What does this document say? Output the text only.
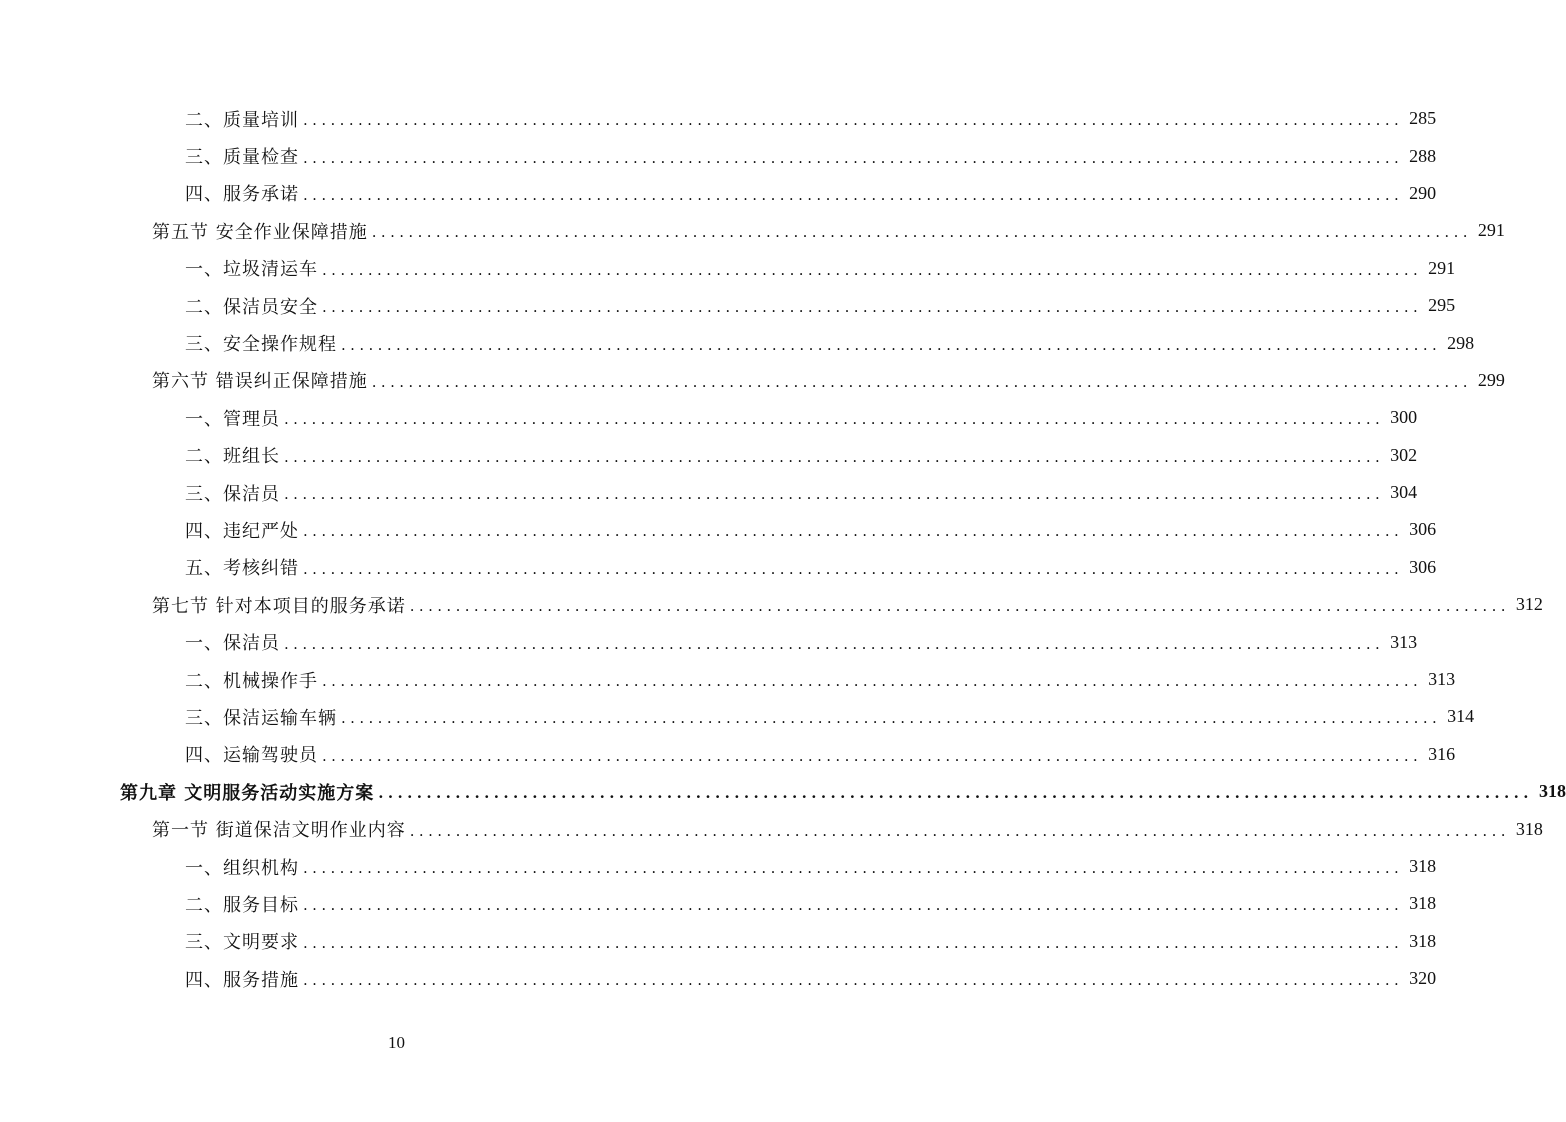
二、质量培训 ........................................................................................................................ 285
三、质量检查 ........................................................................................................................ 288
四、服务承诺 ........................................................................................................................ 290
第五节 安全作业保障措施 ........................................................................................................................ 291
一、垃圾清运车 ........................................................................................................................ 291
二、保洁员安全 ........................................................................................................................ 295
三、安全操作规程 ........................................................................................................................ 298
第六节 错误纠正保障措施 ........................................................................................................................ 299
一、管理员 ........................................................................................................................ 300
二、班组长 ........................................................................................................................ 302
三、保洁员 ........................................................................................................................ 304
四、违纪严处 ........................................................................................................................ 306
五、考核纠错 ........................................................................................................................ 306
第七节 针对本项目的服务承诺 ........................................................................................................................ 312
一、保洁员 ........................................................................................................................ 313
二、机械操作手 ........................................................................................................................ 313
三、保洁运输车辆 ........................................................................................................................ 314
四、运输驾驶员 ........................................................................................................................ 316
第九章 文明服务活动实施方案 ........................................................................................................................ 318
第一节 街道保洁文明作业内容 ........................................................................................................................ 318
一、组织机构 ........................................................................................................................ 318
二、服务目标 ........................................................................................................................ 318
三、文明要求 ........................................................................................................................ 318
四、服务措施 ........................................................................................................................ 320
10
